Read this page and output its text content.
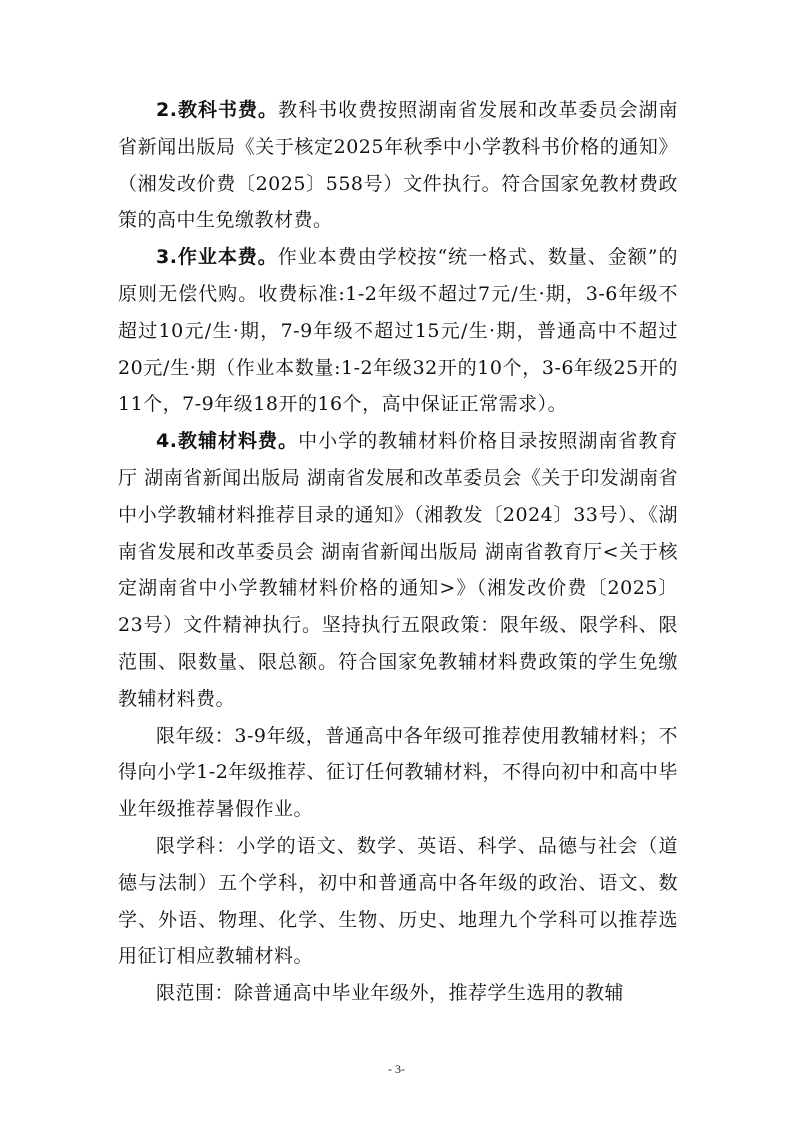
2.教科书费。教科书收费按照湖南省发展和改革委员会湖南省新闻出版局《关于核定2025年秋季中小学教科书价格的通知》（湘发改价费〔2025〕558号）文件执行。符合国家免教材费政策的高中生免缴教材费。

3.作业本费。作业本费由学校按“统一格式、数量、金额”的原则无偿代购。收费标准:1-2年级不超过7元/生·期，3-6年级不超过10元/生·期，7-9年级不超过15元/生·期，普通高中不超过20元/生·期（作业本数量:1-2年级32开的10个，3-6年级25开的11个，7-9年级18开的16个，高中保证正常需求）。

4.教辅材料费。中小学的教辅材料价格目录按照湖南省教育厅 湖南省新闻出版局 湖南省发展和改革委员会《关于印发湖南省中小学教辅材料推荐目录的通知》（湘教发〔2024〕33号）、《湖南省发展和改革委员会 湖南省新闻出版局 湖南省教育厅<关于核定湖南省中小学教辅材料价格的通知>》（湘发改价费〔2025〕23号）文件精神执行。坚持执行五限政策：限年级、限学科、限范围、限数量、限总额。符合国家免教辅材料费政策的学生免缴教辅材料费。

限年级：3-9年级，普通高中各年级可推荐使用教辅材料；不得向小学1-2年级推荐、征订任何教辅材料，不得向初中和高中毕业年级推荐暑假作业。

限学科：小学的语文、数学、英语、科学、品德与社会（道德与法制）五个学科，初中和普通高中各年级的政治、语文、数学、外语、物理、化学、生物、历史、地理九个学科可以推荐选用征订相应教辅材料。

限范围：除普通高中毕业年级外，推荐学生选用的教辅

- 3-
